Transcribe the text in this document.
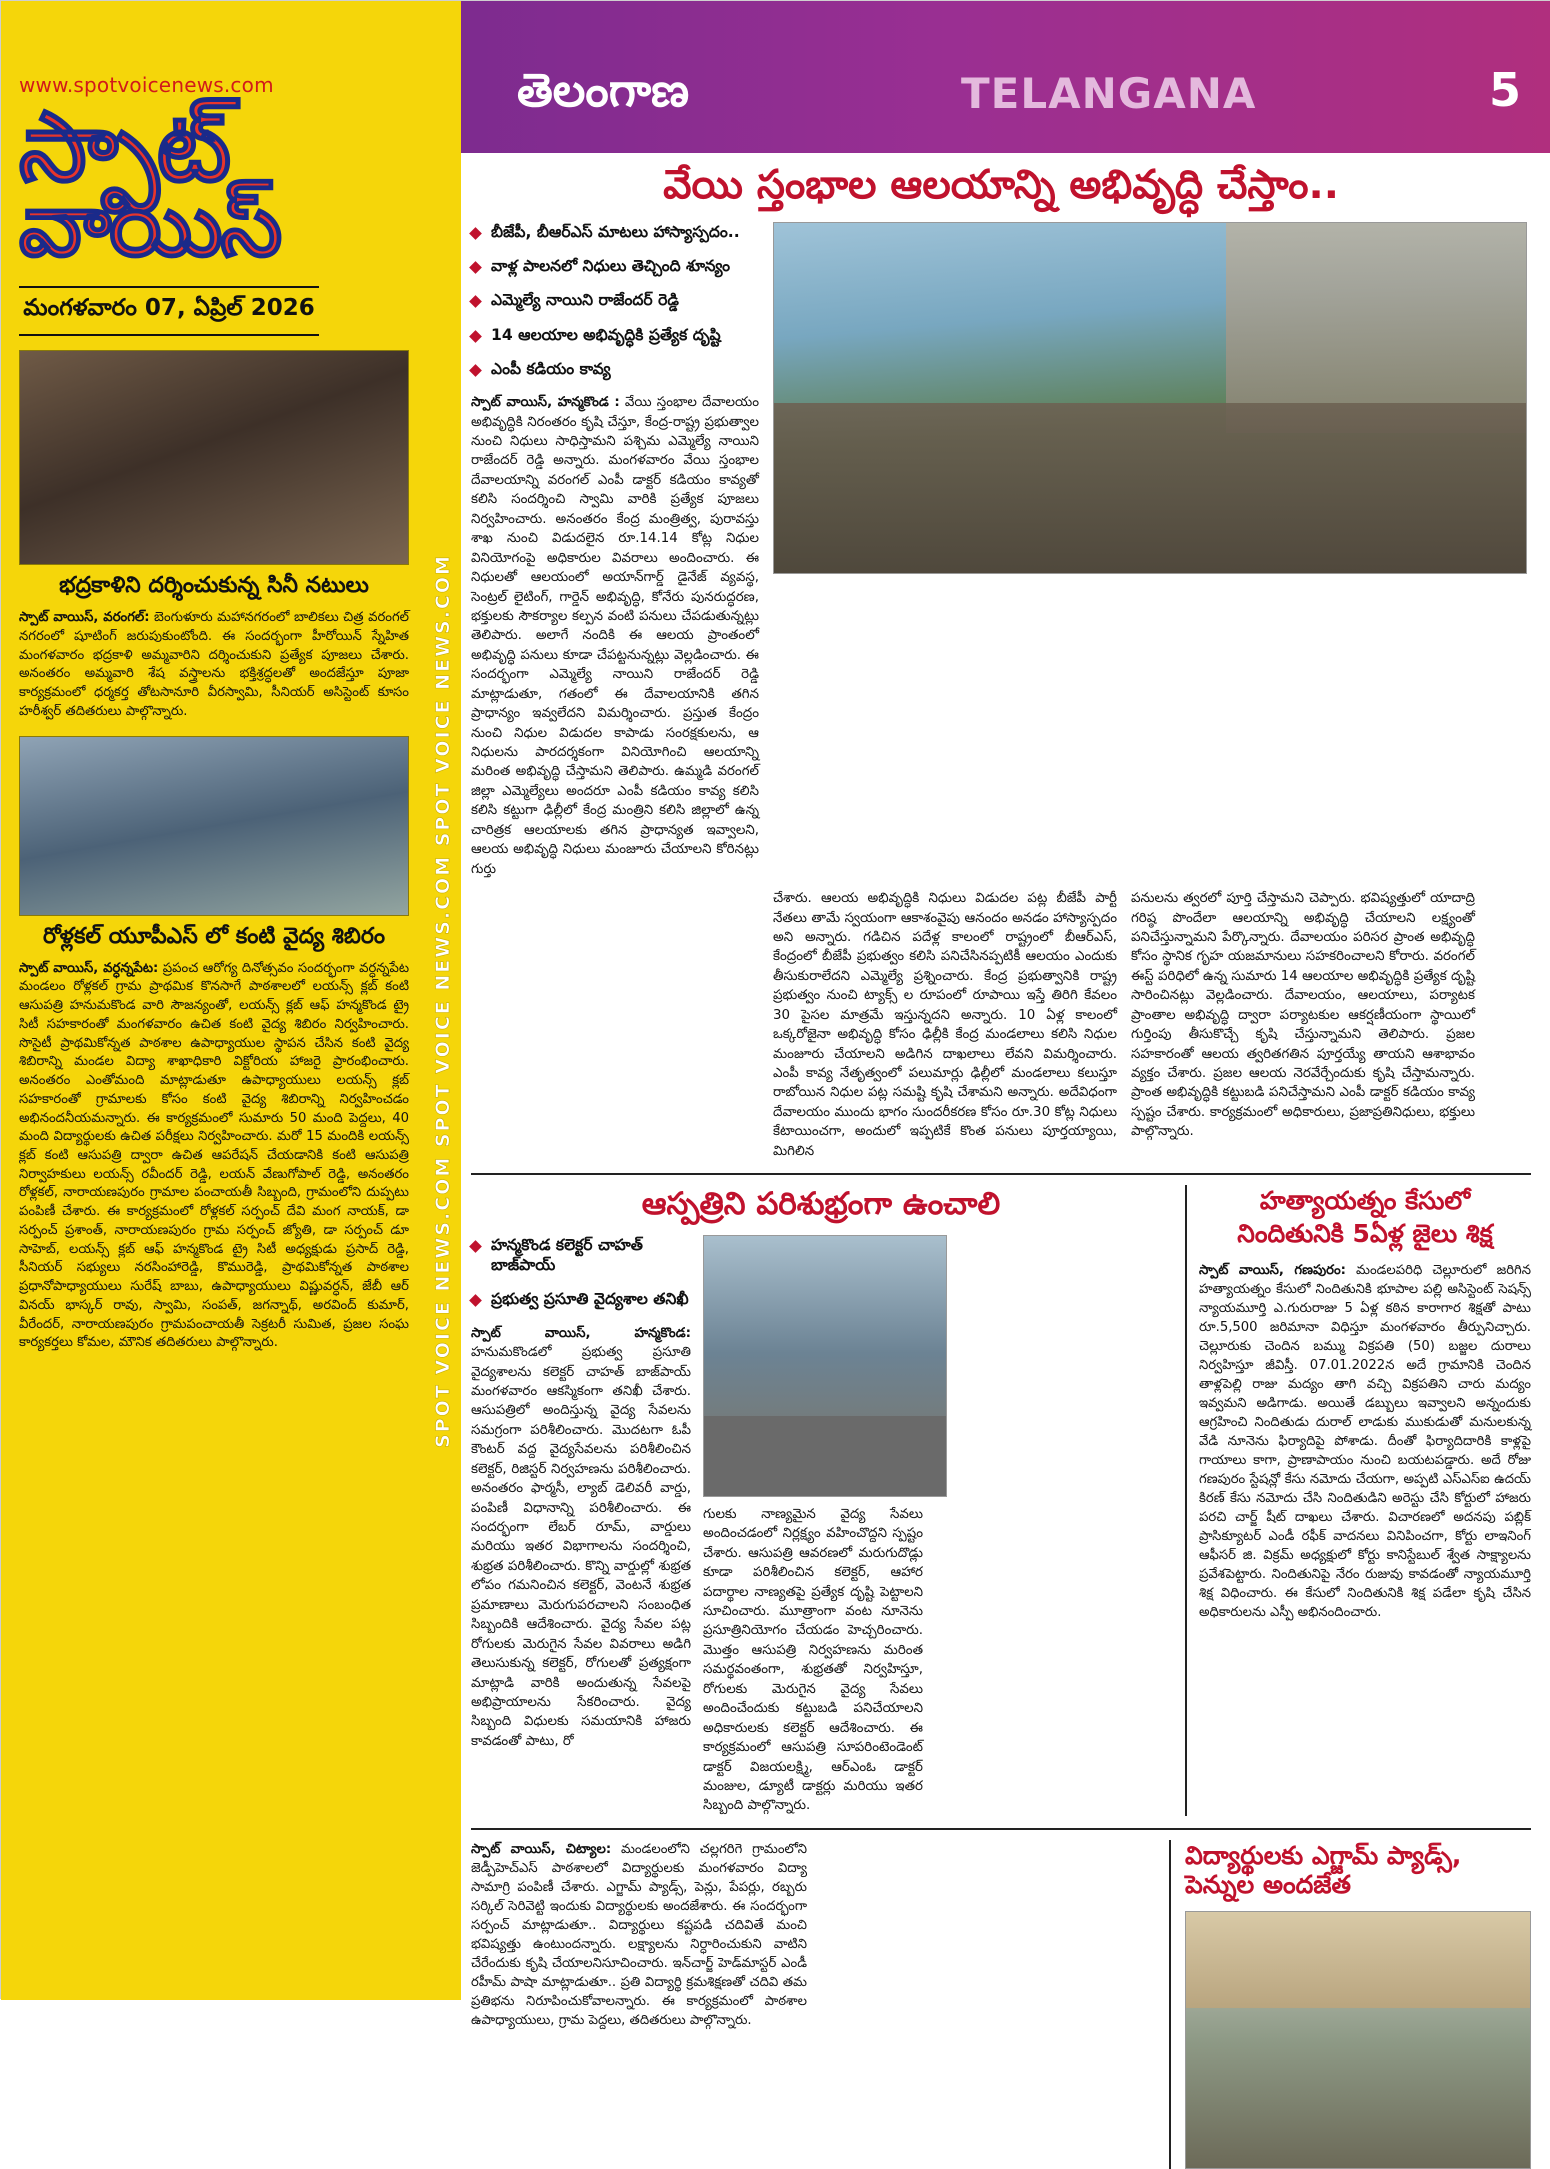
www.spotvoicenews.com
స్పాట్
వాయిస్
మంగళవారం 07, ఏప్రిల్ 2026
భద్రకాళిని దర్శించుకున్న సినీ నటులు
స్పాట్ వాయిస్, వరంగల్: బెంగుళూరు మహానగరంలో బాలికలు చిత్ర వరంగల్ నగరంలో షూటింగ్ జరుపుకుంటోంది. ఈ సందర్భంగా హీరోయిన్ స్నేహిత మంగళవారం భద్రకాళి అమ్మవారిని దర్శించుకుని ప్రత్యేక పూజలు చేశారు. అనంతరం అమ్మవారి శేష వస్త్రాలను భక్తిశ్రద్ధలతో అందజేస్తూ పూజా కార్యక్రమంలో ధర్మకర్త తోటసానూరి వీరస్వామి, సీనియర్ అసిస్టెంట్ కూసం హరీశ్వర్ తదితరులు పాల్గొన్నారు.
రోళ్లకల్ యూపీఎస్ లో కంటి వైద్య శిబిరం
స్పాట్ వాయిస్, వర్ధన్నపేట: ప్రపంచ ఆరోగ్య దినోత్సవం సందర్భంగా వర్ధన్నపేట మండలం రోళ్లకల్ గ్రామ ప్రాథమిక కొనసాగే పాఠశాలలో లయన్స్ క్లబ్ కంటి ఆసుపత్రి హనుమకొండ వారి సౌజన్యంతో, లయన్స్ క్లబ్ ఆఫ్ హన్మకొండ ట్రై సిటీ సహకారంతో మంగళవారం ఉచిత కంటి వైద్య శిబిరం నిర్వహించారు. సొసైటీ ప్రాథమికోన్నత పాఠశాల ఉపాధ్యాయుల స్థాపన చేసిన కంటి వైద్య శిబిరాన్ని మండల విద్యా శాఖాధికారి విక్టోరియ హాజరై ప్రారంభించారు. అనంతరం ఎంతోమంది మాట్లాడుతూ ఉపాధ్యాయులు లయన్స్ క్లబ్ సహకారంతో గ్రామాలకు కోసం కంటి వైద్య శిబిరాన్ని నిర్వహించడం అభినందనీయమన్నారు. ఈ కార్యక్రమంలో సుమారు 50 మంది పెద్దలు, 40 మంది విద్యార్థులకు ఉచిత పరీక్షలు నిర్వహించారు. మరో 15 మందికి లయన్స్ క్లబ్ కంటి ఆసుపత్రి ద్వారా ఉచిత ఆపరేషన్ చేయడానికి కంటి ఆసుపత్రి నిర్వాహకులు లయన్స్ రవీందర్ రెడ్డి, లయన్ వేణుగోపాల్ రెడ్డి, అనంతరం రోళ్లకల్, నారాయణపురం గ్రామాల పంచాయతీ సిబ్బంది, గ్రామంలోని దుప్పటు పంపిణీ చేశారు. ఈ కార్యక్రమంలో రోళ్లకల్ సర్పంచ్ దేవి మంగ నాయక్, డా సర్పంచ్ ప్రశాంత్, నారాయణపురం గ్రామ సర్పంచ్ జ్యోతి, డా సర్పంచ్ డూ సాహెబ్, లయన్స్ క్లబ్ ఆఫ్ హన్మకొండ ట్రై సిటీ అధ్యక్షుడు ప్రసాద్ రెడ్డి, సీనియర్ సభ్యులు నరసింహారెడ్డి, కొమురెడ్డి, ప్రాథమికోన్నత పాఠశాల ప్రధానోపాధ్యాయులు సురేష్ బాబు, ఉపాధ్యాయులు విష్ణువర్ధన్, జేబీ ఆర్ వినయ్ భాస్కర్ రావు, స్వామి, సంపత్, జగన్నాథ్, అరవింద్ కుమార్, వీరేందర్, నారాయణపురం గ్రామపంచాయతీ సెక్రటరీ సుమిత, ప్రజల సంఘ కార్యకర్తలు కోమల, మౌనిక తదితరులు పాల్గొన్నారు.	SPOT VOICE NEWS.COM SPOT VOICE NEWS.COM SPOT VOICE NEWS.COM
తెలంగాణ	TELANGANA	5
వేయి స్తంభాల ఆలయాన్ని అభివృద్ధి చేస్తాం..
బీజేపీ, బీఆర్ఎస్ మాటలు హాస్యాస్పదం..
వాళ్ల పాలనలో నిధులు తెచ్చింది శూన్యం
ఎమ్మెల్యే నాయిని రాజేందర్ రెడ్డి
14 ఆలయాల అభివృద్ధికి ప్రత్యేక దృష్టి
ఎంపీ కడియం కావ్య
స్పాట్ వాయిస్, హన్మకొండ : వేయి స్తంభాల దేవాలయం అభివృద్ధికి నిరంతరం కృషి చేస్తూ, కేంద్ర-రాష్ట్ర ప్రభుత్వాల నుంచి నిధులు సాధిస్తామని పశ్చిమ ఎమ్మెల్యే నాయిని రాజేందర్ రెడ్డి అన్నారు. మంగళవారం వేయి స్తంభాల దేవాలయాన్ని వరంగల్ ఎంపీ డాక్టర్ కడియం కావ్యతో కలిసి సందర్శించి స్వామి వారికి ప్రత్యేక పూజలు నిర్వహించారు. అనంతరం కేంద్ర మంత్రిత్వ, పురావస్తు శాఖ నుంచి విడుదలైన రూ.14.14 కోట్ల నిధుల వినియోగంపై అధికారుల వివరాలు అందించారు. ఈ నిధులతో ఆలయంలో అయాన్‌గార్డ్ డైనేజ్ వ్యవస్థ, సెంట్రల్ లైటింగ్, గార్డెన్ అభివృద్ధి, కోనేరు పునరుద్ధరణ, భక్తులకు సౌకర్యాల కల్పన వంటి పనులు చేపడుతున్నట్లు తెలిపారు. అలాగే నందికి ఈ ఆలయ ప్రాంతంలో అభివృద్ధి పనులు కూడా చేపట్టనున్నట్లు వెల్లడించారు. ఈ సందర్భంగా ఎమ్మెల్యే నాయిని రాజేందర్ రెడ్డి మాట్లాడుతూ, గతంలో ఈ దేవాలయానికి తగిన ప్రాధాన్యం ఇవ్వలేదని విమర్శించారు. ప్రస్తుత కేంద్రం నుంచి నిధుల విడుదల కాపాడు సంరక్షకులను, ఆ నిధులను పారదర్శకంగా వినియోగించి ఆలయాన్ని మరింత అభివృద్ధి చేస్తామని తెలిపారు. ఉమ్మడి వరంగల్ జిల్లా ఎమ్మెల్యేలు అందరూ ఎంపీ కడియం కావ్య కలిసి కలిసి కట్టుగా ఢిల్లీలో కేంద్ర మంత్రిని కలిసి జిల్లాలో ఉన్న చారిత్రక ఆలయాలకు తగిన ప్రాధాన్యత ఇవ్వాలని, ఆలయ అభివృద్ధి నిధులు మంజూరు చేయాలని కోరినట్లు గుర్తు
చేశారు. ఆలయ అభివృద్ధికి నిధులు విడుదల పట్ల బీజేపీ పార్టీ నేతలు తామే స్వయంగా ఆకాశంవైపు ఆనందం అనడం హాస్యాస్పదం అని అన్నారు. గడిచిన పదేళ్ల కాలంలో రాష్ట్రంలో బీఆర్ఎస్, కేంద్రంలో బీజేపీ ప్రభుత్వం కలిసి పనిచేసినప్పటికీ ఆలయం ఎందుకు తీసుకురాలేదని ఎమ్మెల్యే ప్రశ్నించారు. కేంద్ర ప్రభుత్వానికి రాష్ట్ర ప్రభుత్వం నుంచి ట్యాక్స్ ల రూపంలో రూపాయి ఇస్తే తిరిగి కేవలం 30 పైసల మాత్రమే ఇస్తున్నదని అన్నారు. 10 ఏళ్ల కాలంలో ఒక్కరోజైనా అభివృద్ధి కోసం ఢిల్లీకి కేంద్ర మండలాలు కలిసి నిధుల మంజూరు చేయాలని అడిగిన దాఖలాలు లేవని విమర్శించారు. ఎంపీ కావ్య నేతృత్వంలో పలుమార్లు ఢిల్లీలో మండలాలు కలుస్తూ రాబోయిన నిధుల పట్ల సమష్టి కృషి చేశామని అన్నారు. అదేవిధంగా దేవాలయం ముందు భాగం సుందరీకరణ కోసం రూ.30 కోట్ల నిధులు కేటాయించగా, అందులో ఇప్పటికే కొంత పనులు పూర్తయ్యాయి, మిగిలిన
పనులను త్వరలో పూర్తి చేస్తామని చెప్పారు. భవిష్యత్తులో యాదాద్రి గరిష్ఠ పొందేలా ఆలయాన్ని అభివృద్ధి చేయాలని లక్ష్యంతో పనిచేస్తున్నామని పేర్కొన్నారు. దేవాలయం పరిసర ప్రాంత అభివృద్ధి కోసం స్థానిక గృహ యజమానులు సహకరించాలని కోరారు. వరంగల్ ఈస్ట్ పరిధిలో ఉన్న సుమారు 14 ఆలయాల అభివృద్ధికి ప్రత్యేక దృష్టి సారించినట్లు వెల్లడించారు. దేవాలయం, ఆలయాలు, పర్యాటక ప్రాంతాల అభివృద్ధి ద్వారా పర్యాటకుల ఆకర్షణీయంగా స్థాయిలో గుర్తింపు తీసుకొచ్చే కృషి చేస్తున్నామని తెలిపారు. ప్రజల సహకారంతో ఆలయ త్వరితగతిన పూర్తయ్యే తాయని ఆశాభావం వ్యక్తం చేశారు. ప్రజల ఆలయ నెరవేర్చేందుకు కృషి చేస్తామన్నారు. ప్రాంత అభివృద్ధికి కట్టుబడి పనిచేస్తామని ఎంపీ డాక్టర్ కడియం కావ్య స్పష్టం చేశారు. కార్యక్రమంలో అధికారులు, ప్రజాప్రతినిధులు, భక్తులు పాల్గొన్నారు.
ఆస్పత్రిని పరిశుభ్రంగా ఉంచాలి
హన్మకొండ కలెక్టర్ చాహత్ బాజ్‌పాయ్
ప్రభుత్వ ప్రసూతి వైద్యశాల తనిఖీ
స్పాట్ వాయిస్, హన్మకొండ: హనుమకొండలో ప్రభుత్వ ప్రసూతి వైద్యశాలను కలెక్టర్ చాహత్ బాజ్‌పాయ్ మంగళవారం ఆకస్మికంగా తనిఖీ చేశారు. ఆసుపత్రిలో అందిస్తున్న వైద్య సేవలను సమగ్రంగా పరిశీలించారు. మొదటగా ఓపీ కౌంటర్ వద్ద వైద్యసేవలను పరిశీలించిన కలెక్టర్, రిజిస్టర్ నిర్వహణను పరిశీలించారు. అనంతరం ఫార్మసీ, ల్యాబ్ డెలివరీ వార్డు, పంపిణీ విధానాన్ని పరిశీలించారు. ఈ సందర్భంగా లేబర్ రూమ్, వార్డులు మరియు ఇతర విభాగాలను సందర్శించి, శుభ్రత పరిశీలించారు. కొన్ని వార్డుల్లో శుభ్రత లోపం గమనించిన కలెక్టర్, వెంటనే శుభ్రత ప్రమాణాలు మెరుగుపరచాలని సంబంధిత సిబ్బందికి ఆదేశించారు. వైద్య సేవల పట్ల రోగులకు మెరుగైన సేవల వివరాలు అడిగి తెలుసుకున్న కలెక్టర్, రోగులతో ప్రత్యక్షంగా మాట్లాడి వారికి అందుతున్న సేవలపై అభిప్రాయాలను సేకరించారు. వైద్య సిబ్బంది విధులకు సమయానికి హాజరు కావడంతో పాటు, రో
గులకు నాణ్యమైన వైద్య సేవలు అందించడంలో నిర్లక్ష్యం వహించొద్దని స్పష్టం చేశారు. ఆసుపత్రి ఆవరణలో మరుగుదొడ్లు కూడా పరిశీలించిన కలెక్టర్, ఆహార పదార్థాల నాణ్యతపై ప్రత్యేక దృష్టి పెట్టాలని సూచించారు. మూత్రాంగా వంట నూనెను ప్రసూత్రినియోగం చేయడం హెచ్చరించారు. మొత్తం ఆసుపత్రి నిర్వహణను మరింత సమర్థవంతంగా, శుభ్రతతో నిర్వహిస్తూ, రోగులకు మెరుగైన వైద్య సేవలు అందించేందుకు కట్టుబడి పనిచేయాలని అధికారులకు కలెక్టర్ ఆదేశించారు. ఈ కార్యక్రమంలో ఆసుపత్రి సూపరింటెండెంట్ డాక్టర్ విజయలక్ష్మి, ఆర్ఎంఓ డాక్టర్ మంజుల, డ్యూటీ డాక్టర్లు మరియు ఇతర సిబ్బంది పాల్గొన్నారు.
హత్యాయత్నం కేసులో
నిందితునికి 5ఏళ్ల జైలు శిక్ష
స్పాట్ వాయిస్, గణపురం: మండలపరిధి చెల్లూరులో జరిగిన హత్యాయత్నం కేసులో నిందితునికి భూపాల పల్లి అసిస్టెంట్ సెషన్స్ న్యాయమూర్తి ఎ.గురురాజు 5 ఏళ్ల కఠిన కారాగార శిక్షతో పాటు రూ.5,500 జరిమానా విధిస్తూ మంగళవారం తీర్పునిచ్చారు. చెల్లూరుకు చెందిన బమ్ము విక్రపతి (50) బజ్జల దురాలు నిర్వహిస్తూ జీవిస్తీ. 07.01.2022న అదే గ్రామానికి చెందిన తాళ్లపెల్లి రాజు మద్యం తాగి వచ్చి విక్రపతిని చారు మద్యం ఇవ్వమని అడిగాడు. అయితే డబ్బులు ఇవ్వాలని అన్నందుకు ఆగ్రహించి నిందితుడు దురాల్ లాడుకు ముకుడుతో మనులకున్న వేడి నూనెను ఫిర్యాదిపై పోశాడు. దీంతో ఫిర్యాదిదారికి కాళ్లపై గాయాలు కాగా, ప్రాణాపాయం నుంచి బయటపడ్డారు. అదే రోజు గణపురం స్టేషన్లో కేసు నమోదు చేయగా, అప్పటి ఎస్ఎస్ఐ ఉదయ్ కిరణ్ కేసు నమోదు చేసి నిందితుడిని అరెస్టు చేసి కోర్టులో హాజరు పరచి చార్జ్ షీట్ దాఖలు చేశారు. విచారణలో అదనపు పబ్లిక్ ప్రాసిక్యూటర్ ఎండీ రఫీక్ వాదనలు వినిపించగా, కోర్టు లాఇనింగ్ ఆఫీసర్ జి. విక్రమ్ అధ్యక్షులో కోర్టు కానిస్టేబుల్ శ్వేత సాక్ష్యాలను ప్రవేశపెట్టారు. నిందితునిపై నేరం రుజువు కావడంతో న్యాయమూర్తి శిక్ష విధించారు. ఈ కేసులో నిందితునికి శిక్ష పడేలా కృషి చేసిన అధికారులను ఎస్పీ అభినందించారు.
స్పాట్ వాయిస్, చిట్యాల: మండలంలోని చల్లగరిగె గ్రామంలోని జెడ్పీహెచ్ఎస్ పాఠశాలలో విద్యార్థులకు మంగళవారం విద్యా సామాగ్రి పంపిణీ చేశారు. ఎగ్జామ్ ప్యాడ్స్, పెన్లు, పేపర్లు, రబ్బరు సర్కిల్ సెరివెట్టి ఇందుకు విద్యార్థులకు అందజేశారు. ఈ సందర్భంగా సర్పంచ్ మాట్లాడుతూ.. విద్యార్థులు కష్టపడి చదివితే మంచి భవిష్యత్తు ఉంటుందన్నారు. లక్ష్యాలను నిర్ధారించుకుని వాటిని చేరేందుకు కృషి చేయాలనిసూచించారు. ఇన్‌చార్జ్ హెడ్‌మాస్టర్ ఎండీ రహీమ్ పాషా మాట్లాడుతూ.. ప్రతి విద్యార్థి క్రమశిక్షణతో చదివి తమ ప్రతిభను నిరూపించుకోవాలన్నారు. ఈ కార్యక్రమంలో పాఠశాల ఉపాధ్యాయులు, గ్రామ పెద్దలు, తదితరులు పాల్గొన్నారు.
విద్యార్థులకు ఎగ్జామ్ ప్యాడ్స్, పెన్నుల అందజేత
